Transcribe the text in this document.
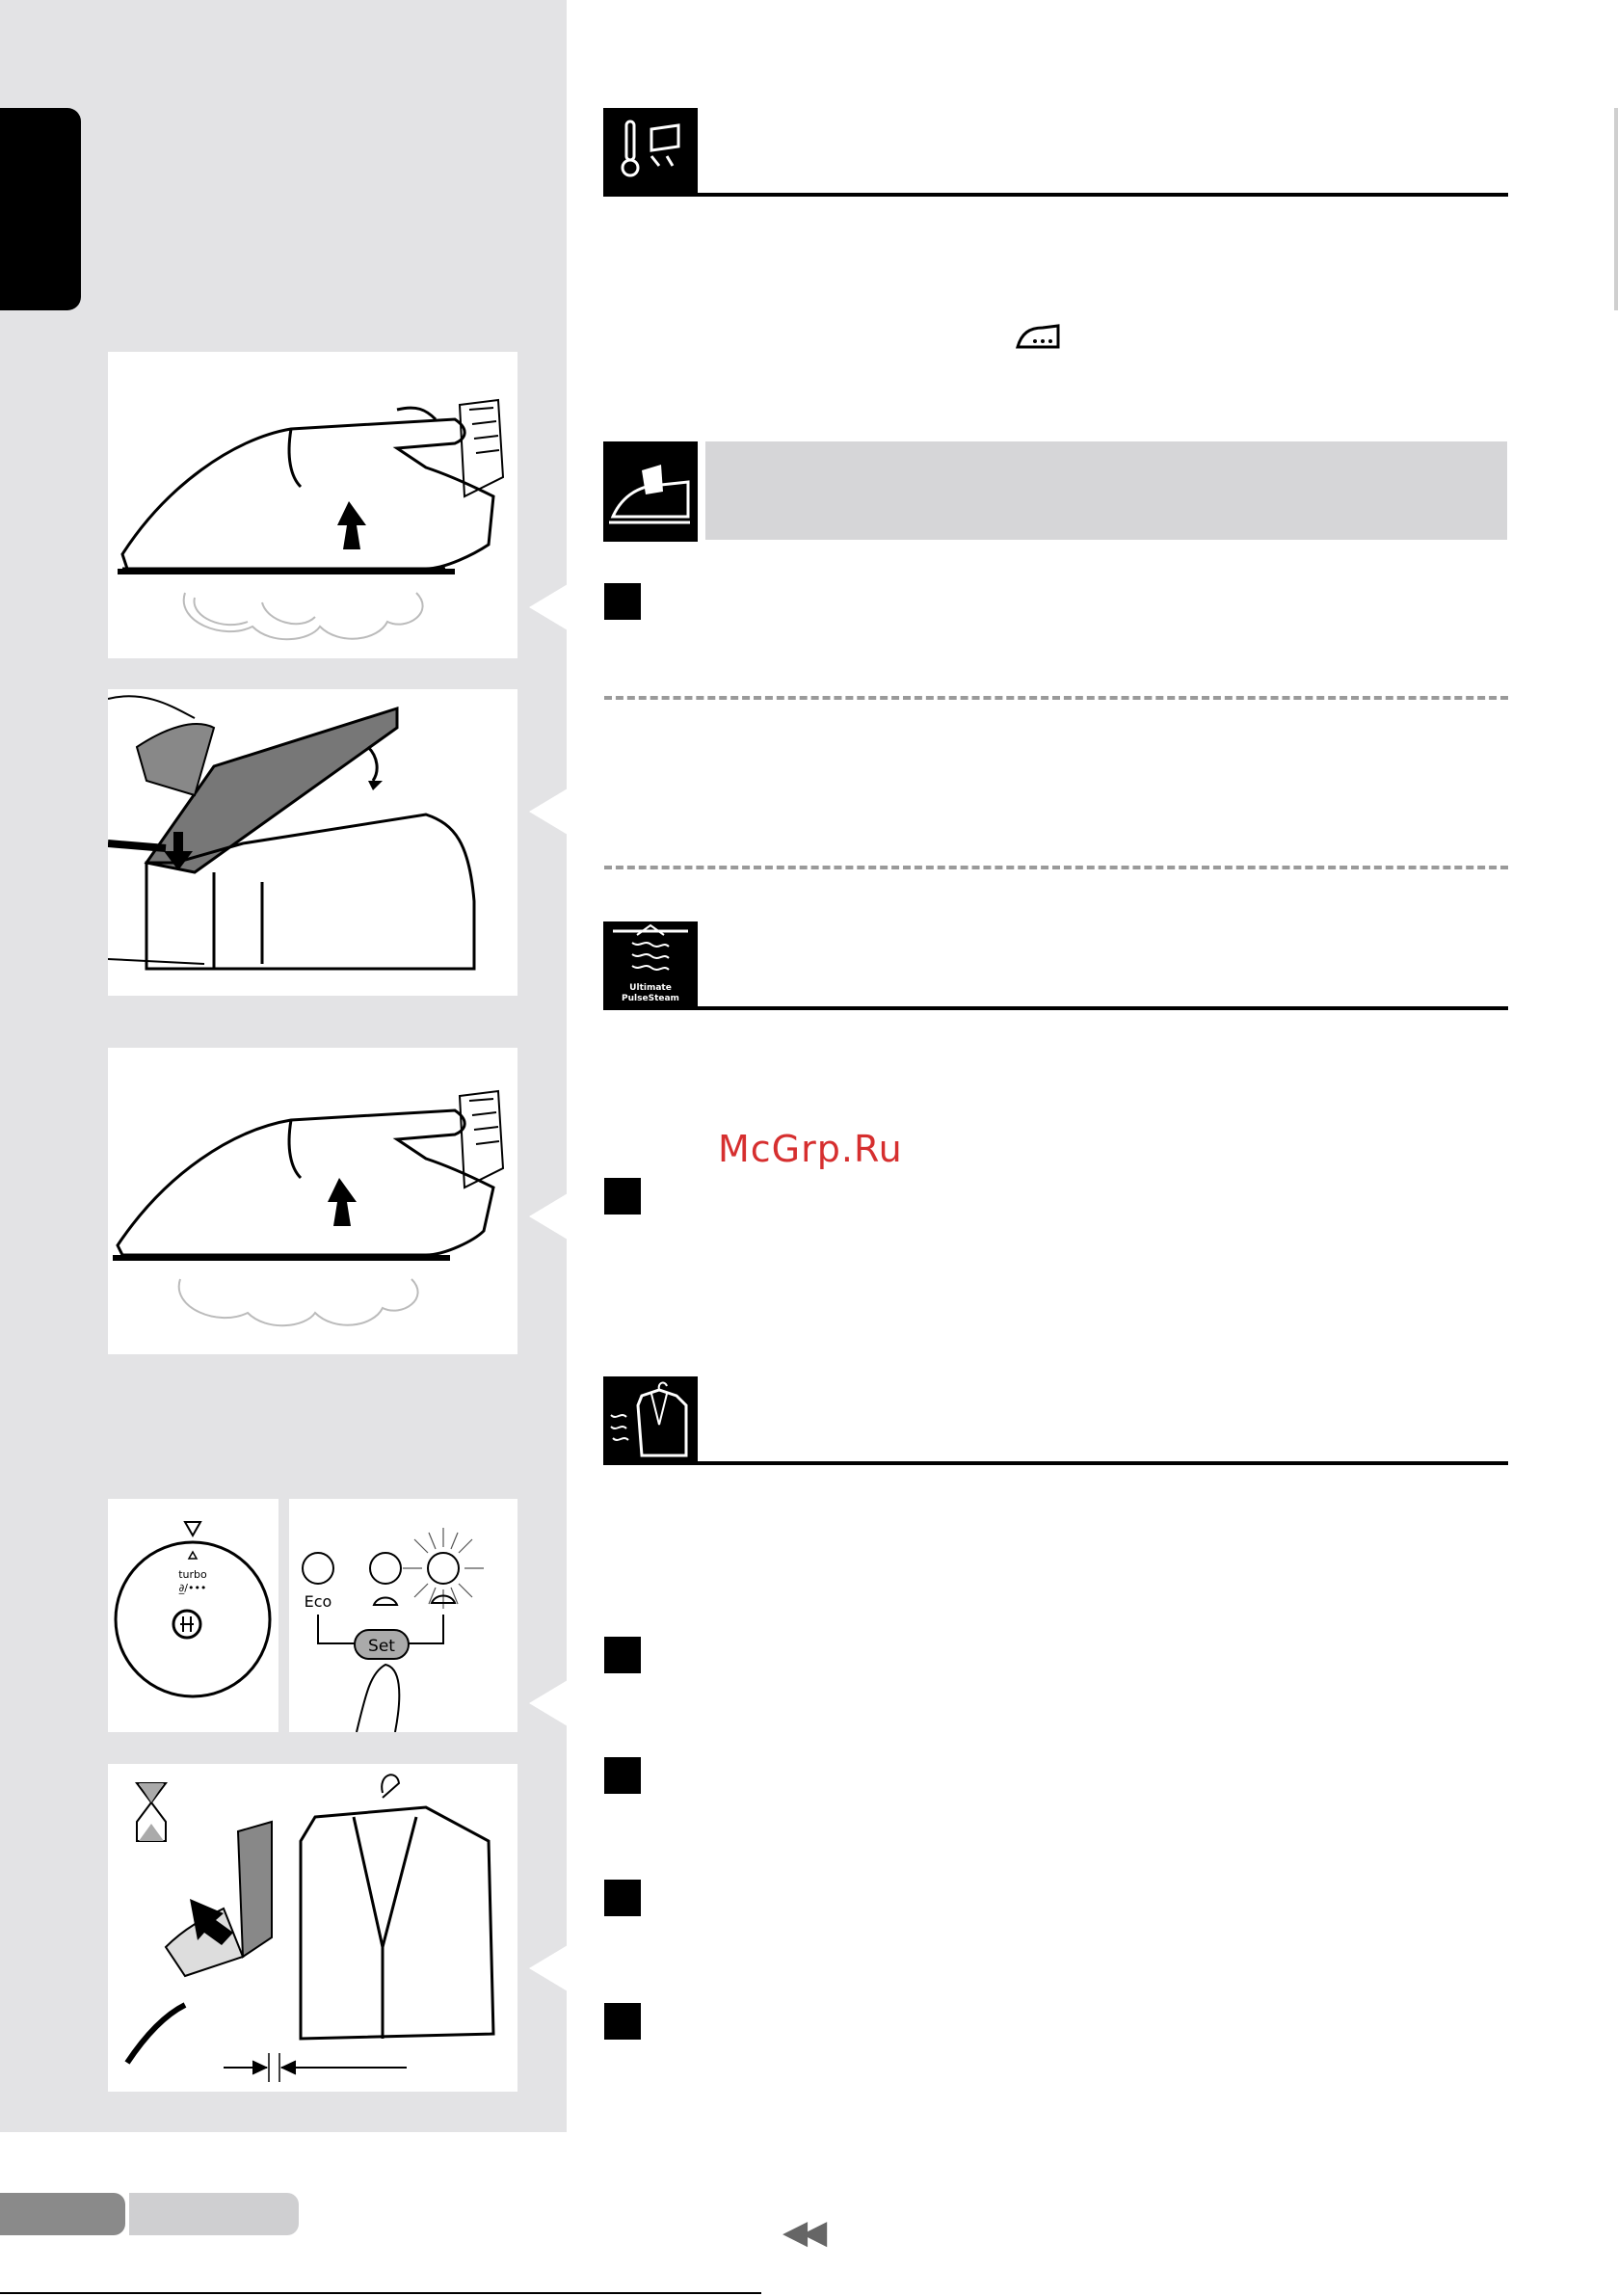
turbo
∂̲/•••
Eco
Set
Ultimate
PulseSteam
McGrp.Ru
◀◀
